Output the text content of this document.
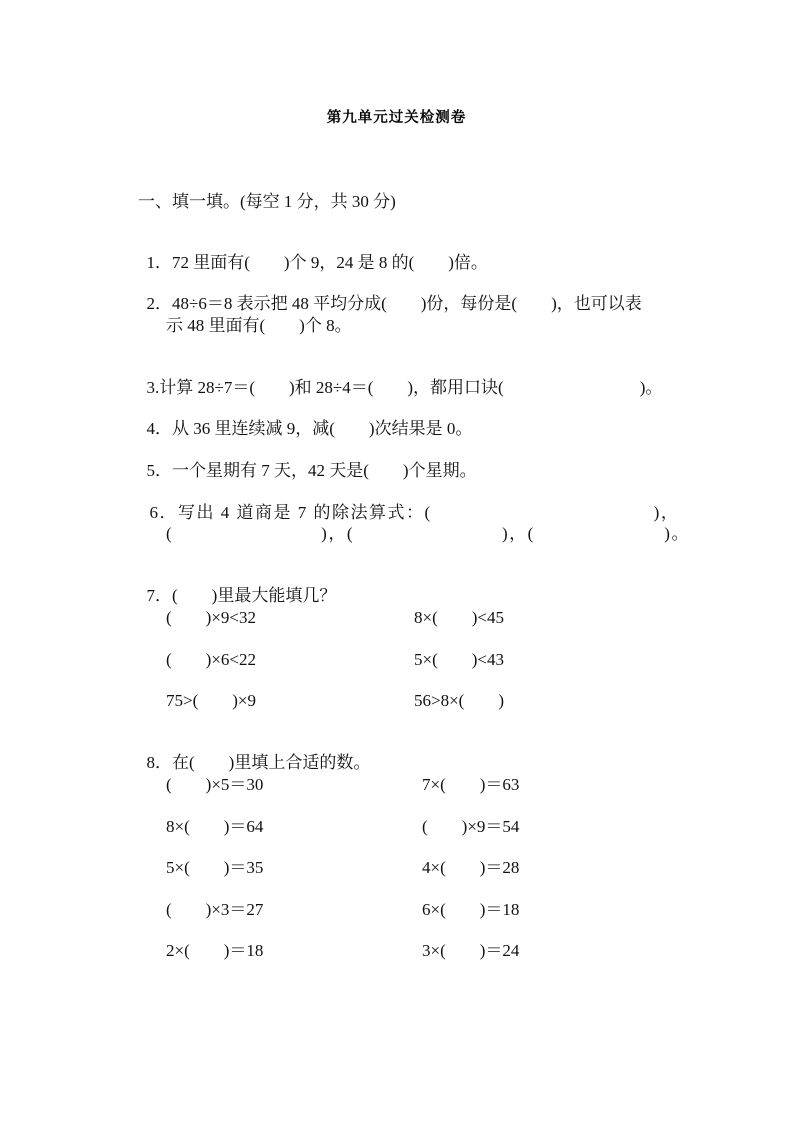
第九单元过关检测卷
一、填一填。(每空 1 分，共 30 分)

1．72 里面有(　　)个 9，24 是 8 的(　　)倍。

2．48÷6＝8 表示把 48 平均分成(　　)份，每份是(　　)，也可以表

示 48 里面有(　　)个 8。

3.计算 28÷7＝(　　)和 28÷4＝(　　)，都用口诀(　　　　　　　　)。

4．从 36 里连续减 9，减(　　)次结果是 0。

5．一个星期有 7 天，42 天是(　　)个星期。

6．写出 4 道商是 7 的除法算式：(　　　　　　　　　　　　)，

(　　　　　　　　)，(　　　　　　　　)，(　　　　　　　)。

7．(　　)里最大能填几？

(　　)×9<32	8×(　　)<45
(　　)×6<22	5×(　　)<43
75>(　　)×9	56>8×(　　)

8．在(　　)里填上合适的数。

(　　)×5＝30	7×(　　)＝63
8×(　　)＝64	(　　)×9＝54
5×(　　)＝35	4×(　　)＝28
(　　)×3＝27	6×(　　)＝18
2×(　　)＝18	3×(　　)＝24
